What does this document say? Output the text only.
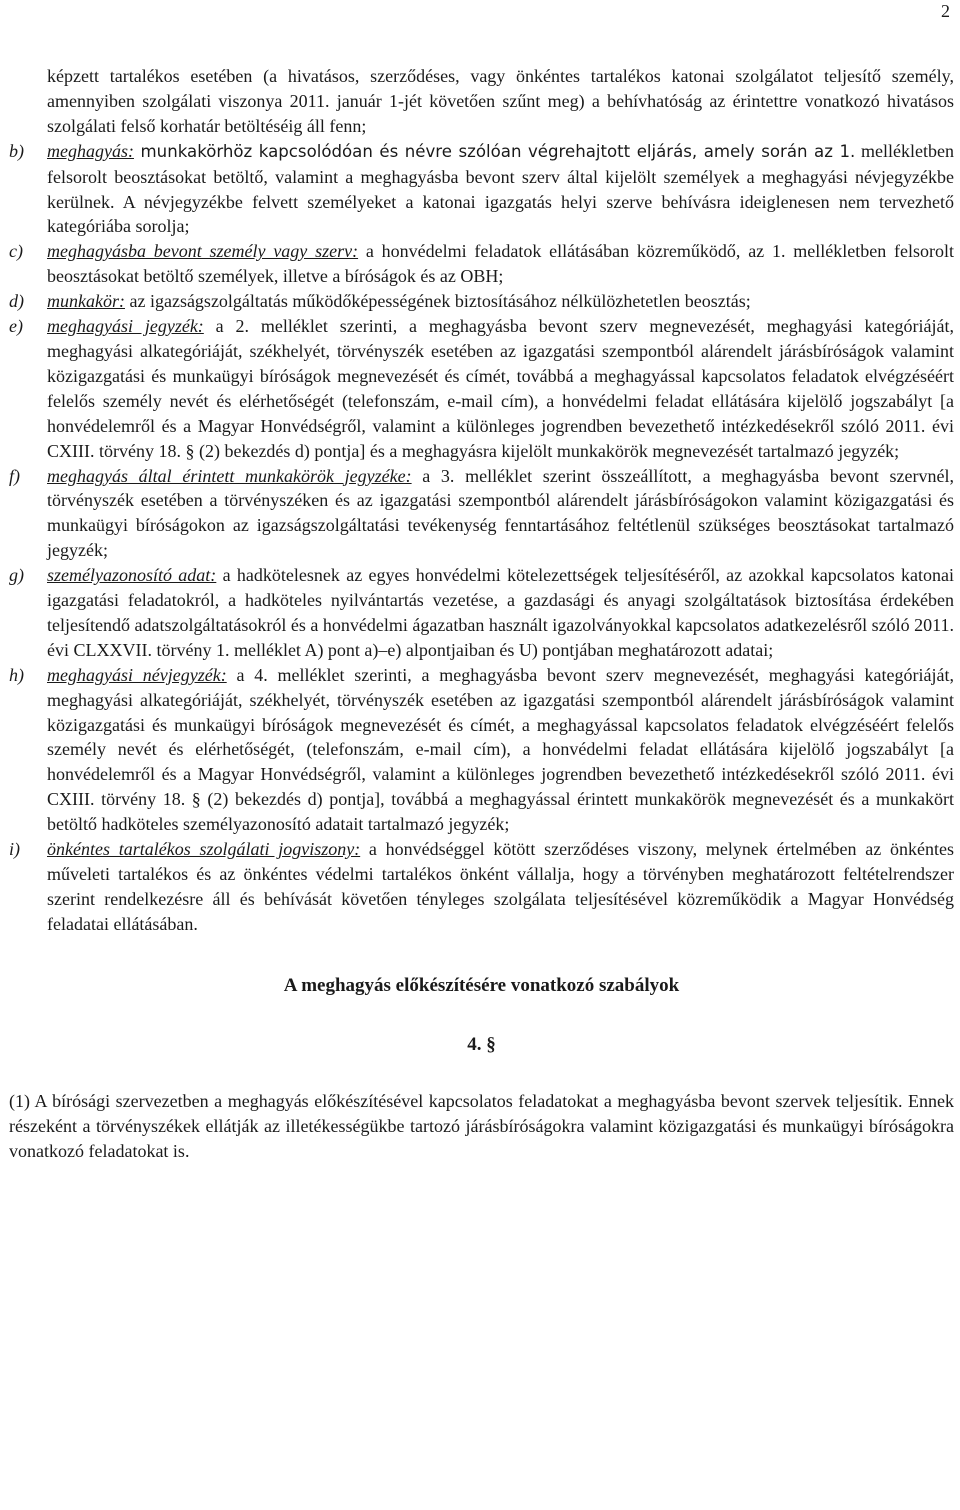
2

képzett tartalékos esetében (a hivatásos, szerződéses, vagy önkéntes tartalékos katonai szolgálatot teljesítő személy, amennyiben szolgálati viszonya 2011. január 1-jét követően szűnt meg) a behívhatóság az érintettre vonatkozó hivatásos szolgálati felső korhatár betöltéséig áll fenn;

b) meghagyás: munkakörhöz kapcsolódóan és névre szólóan végrehajtott eljárás, amely során az 1. mellékletben felsorolt beosztásokat betöltő, valamint a meghagyásba bevont szerv által kijelölt személyek a meghagyási névjegyzékbe kerülnek. A névjegyzékbe felvett személyeket a katonai igazgatás helyi szerve behívásra ideiglenesen nem tervezhető kategóriába sorolja;
c) meghagyásba bevont személy vagy szerv: a honvédelmi feladatok ellátásában közreműködő, az 1. mellékletben felsorolt beosztásokat betöltő személyek, illetve a bíróságok és az OBH;
d) munkakör: az igazságszolgáltatás működőképességének biztosításához nélkülözhetetlen beosztás;
e) meghagyási jegyzék: a 2. melléklet szerinti, a meghagyásba bevont szerv megnevezését, meghagyási kategóriáját, meghagyási alkategóriáját, székhelyét, törvényszék esetében az igazgatási szempontból alárendelt járásbíróságok valamint közigazgatási és munkaügyi bíróságok megnevezését és címét, továbbá a meghagyással kapcsolatos feladatok elvégzéséért felelős személy nevét és elérhetőségét (telefonszám, e-mail cím), a honvédelmi feladat ellátására kijelölő jogszabályt [a honvédelemről és a Magyar Honvédségről, valamint a különleges jogrendben bevezethető intézkedésekről szóló 2011. évi CXIII. törvény 18. § (2) bekezdés d) pontja] és a meghagyásra kijelölt munkakörök megnevezését tartalmazó jegyzék;
f) meghagyás által érintett munkakörök jegyzéke: a 3. melléklet szerint összeállított, a meghagyásba bevont szervnél, törvényszék esetében a törvényszéken és az igazgatási szempontból alárendelt járásbíróságokon valamint közigazgatási és munkaügyi bíróságokon az igazságszolgáltatási tevékenység fenntartásához feltétlenül szükséges beosztásokat tartalmazó jegyzék;
g) személyazonosító adat: a hadkötelesnek az egyes honvédelmi kötelezettségek teljesítéséről, az azokkal kapcsolatos katonai igazgatási feladatokról, a hadköteles nyilvántartás vezetése, a gazdasági és anyagi szolgáltatások biztosítása érdekében teljesítendő adatszolgáltatásokról és a honvédelmi ágazatban használt igazolványokkal kapcsolatos adatkezelésről szóló 2011. évi CLXXVII. törvény 1. melléklet A) pont a)–e) alpontjaiban és U) pontjában meghatározott adatai;
h) meghagyási névjegyzék: a 4. melléklet szerinti, a meghagyásba bevont szerv megnevezését, meghagyási kategóriáját, meghagyási alkategóriáját, székhelyét, törvényszék esetében az igazgatási szempontból alárendelt járásbíróságok valamint közigazgatási és munkaügyi bíróságok megnevezését és címét, a meghagyással kapcsolatos feladatok elvégzéséért felelős személy nevét és elérhetőségét, (telefonszám, e-mail cím), a honvédelmi feladat ellátására kijelölő jogszabályt [a honvédelemről és a Magyar Honvédségről, valamint a különleges jogrendben bevezethető intézkedésekről szóló 2011. évi CXIII. törvény 18. § (2) bekezdés d) pontja], továbbá a meghagyással érintett munkakörök megnevezését és a munkakört betöltő hadköteles személyazonosító adatait tartalmazó jegyzék;
i) önkéntes tartalékos szolgálati jogviszony: a honvédséggel kötött szerződéses viszony, melynek értelmében az önkéntes műveleti tartalékos és az önkéntes védelmi tartalékos önként vállalja, hogy a törvényben meghatározott feltételrendszer szerint rendelkezésre áll és behívását követően tényleges szolgálata teljesítésével közreműködik a Magyar Honvédség feladatai ellátásában.
A meghagyás előkészítésére vonatkozó szabályok
4. §

(1) A bírósági szervezetben a meghagyás előkészítésével kapcsolatos feladatokat a meghagyásba bevont szervek teljesítik. Ennek részeként a törvényszékek ellátják az illetékességükbe tartozó járásbíróságokra valamint közigazgatási és munkaügyi bíróságokra vonatkozó feladatokat is.
